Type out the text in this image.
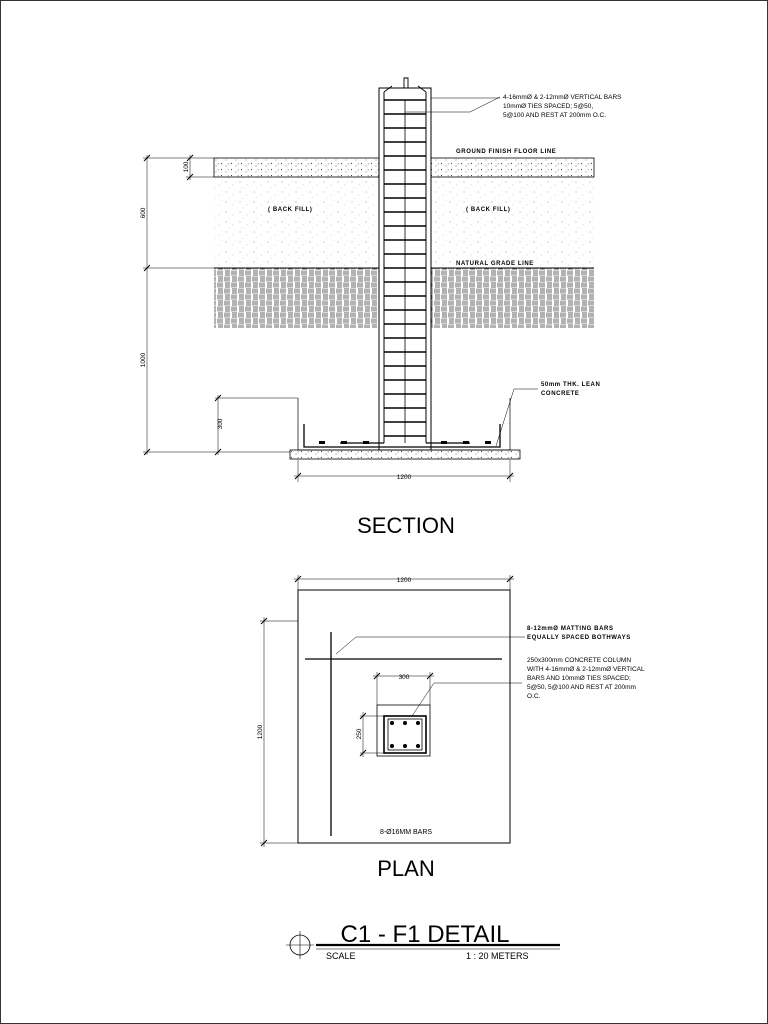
4-16mmØ & 2-12mmØ VERTICAL BARS
10mmØ TIES SPACED; 5@50,
5@100 AND REST AT 200mm O.C.
GROUND FINISH FLOOR LINE
( BACK FILL)	( BACK FILL)
NATURAL GRADE LINE
50mm THK. LEAN
CONCRETE
100
600
1000
300
1200
SECTION
8-12mmØ MATTING BARS
EQUALLY SPACED BOTHWAYS
250x300mm CONCRETE COLUMN
WITH 4-16mmØ & 2-12mmØ VERTICAL
BARS AND 10mmØ TIES SPACED;
5@50, 5@100 AND REST AT 200mm
O.C.
8-Ø16MM BARS
1200
1200
300
250
PLAN
C1 - F1 DETAIL
SCALE	1 : 20 METERS
